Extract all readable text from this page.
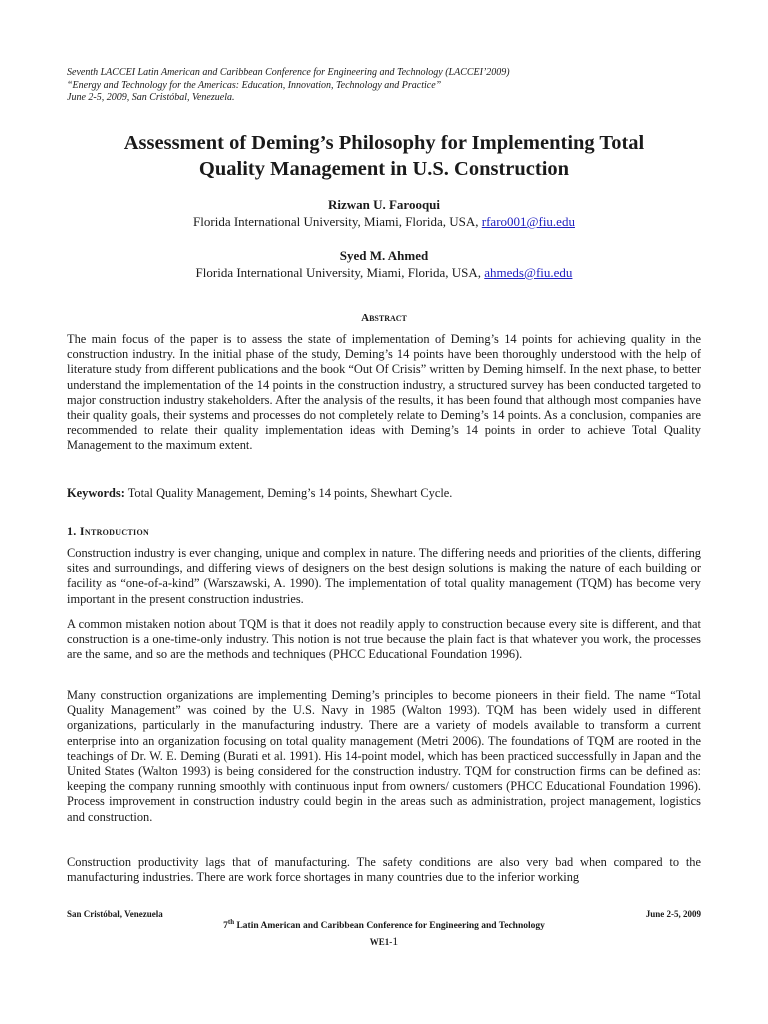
Seventh LACCEI Latin American and Caribbean Conference for Engineering and Technology (LACCEI’2009)
“Energy and Technology for the Americas: Education, Innovation, Technology and Practice”
June 2-5, 2009, San Cristóbal, Venezuela.
Assessment of Deming’s Philosophy for Implementing Total
Quality Management in U.S. Construction
Rizwan U. Farooqui
Florida International University, Miami, Florida, USA, rfaro001@fiu.edu
Syed M. Ahmed
Florida International University, Miami, Florida, USA, ahmeds@fiu.edu
Abstract
The main focus of the paper is to assess the state of implementation of Deming’s 14 points for achieving quality in the construction industry. In the initial phase of the study, Deming’s 14 points have been thoroughly understood with the help of literature study from different publications and the book “Out Of Crisis” written by Deming himself. In the next phase, to better understand the implementation of the 14 points in the construction industry, a structured survey has been conducted targeted to major construction industry stakeholders. After the analysis of the results, it has been found that although most companies have their quality goals, their systems and processes do not completely relate to Deming’s 14 points. As a conclusion, companies are recommended to relate their quality implementation ideas with Deming’s 14 points in order to achieve Total Quality Management to the maximum extent.
Keywords: Total Quality Management, Deming’s 14 points, Shewhart Cycle.
1. Introduction
Construction industry is ever changing, unique and complex in nature. The differing needs and priorities of the clients, differing sites and surroundings, and differing views of designers on the best design solutions is making the nature of each building or facility as “one-of-a-kind” (Warszawski, A. 1990). The implementation of total quality management (TQM) has become very important in the present construction industries.
A common mistaken notion about TQM is that it does not readily apply to construction because every site is different, and that construction is a one-time-only industry. This notion is not true because the plain fact is that whatever you work, the processes are the same, and so are the methods and techniques (PHCC Educational Foundation 1996).
Many construction organizations are implementing Deming’s principles to become pioneers in their field. The name “Total Quality Management” was coined by the U.S. Navy in 1985 (Walton 1993). TQM has been widely used in different organizations, particularly in the manufacturing industry. There are a variety of models available to transform a current enterprise into an organization focusing on total quality management (Metri 2006). The foundations of TQM are rooted in the teachings of Dr. W. E. Deming (Burati et al. 1991). His 14-point model, which has been practiced successfully in Japan and the United States (Walton 1993) is being considered for the construction industry. TQM for construction firms can be defined as: keeping the company running smoothly with continuous input from owners/ customers (PHCC Educational Foundation 1996). Process improvement in construction industry could begin in the areas such as administration, project management, logistics and construction.
Construction productivity lags that of manufacturing. The safety conditions are also very bad when compared to the manufacturing industries. There are work force shortages in many countries due to the inferior working
San Cristóbal, Venezuela	June 2-5, 2009
7th Latin American and Caribbean Conference for Engineering and Technology
WE1-1
